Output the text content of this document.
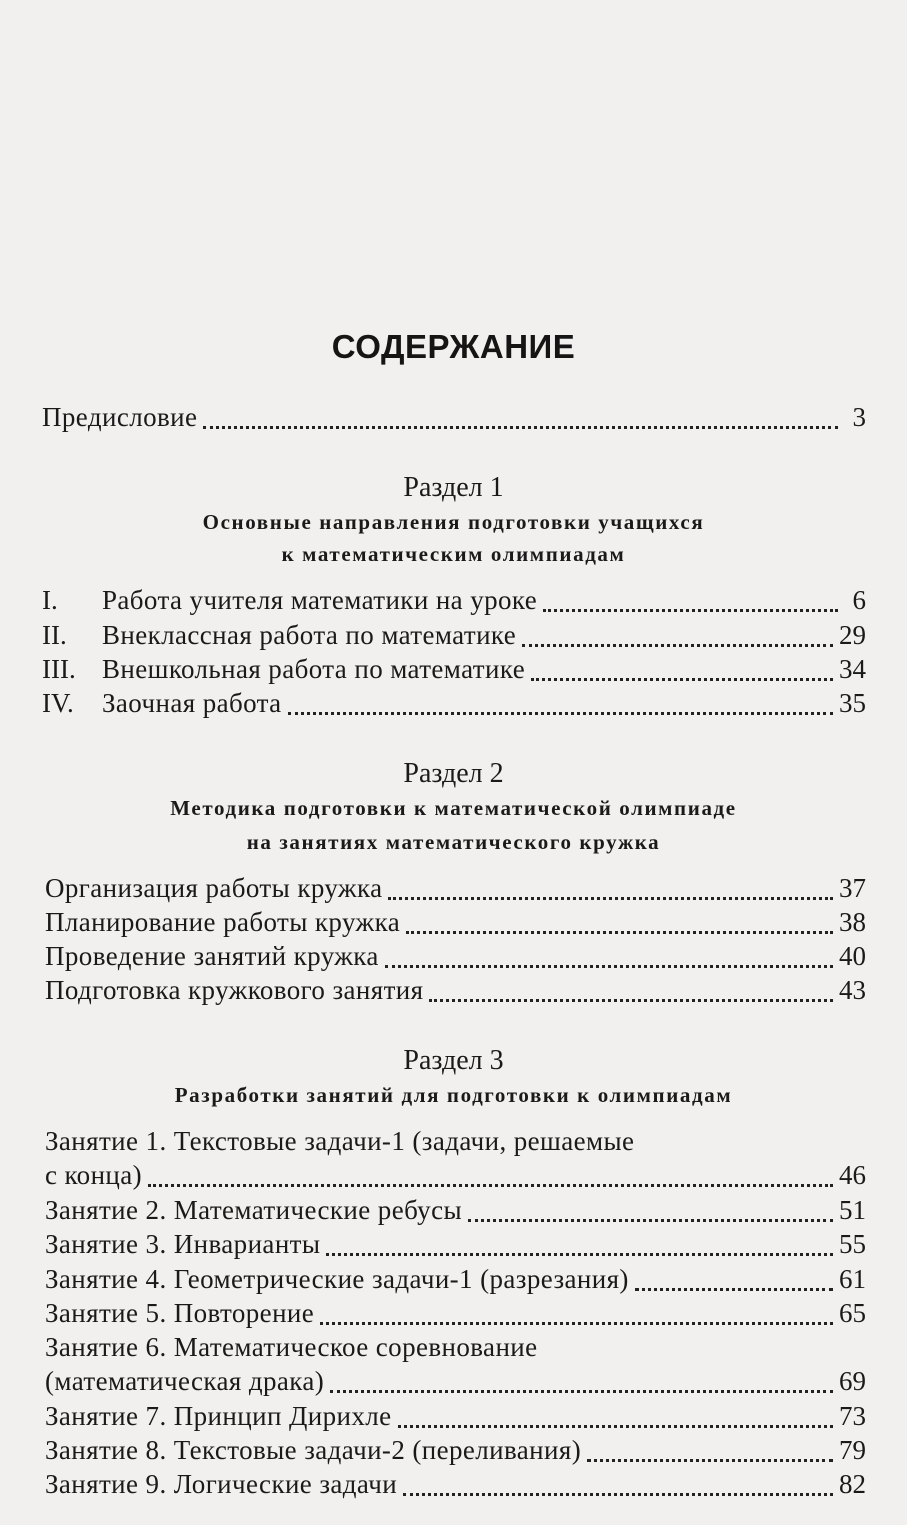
СОДЕРЖАНИЕ
Предисловие	3
Раздел 1
Основные направления подготовки учащихся
к математическим олимпиадам
I.	Работа учителя математики на уроке	6
II.	Внеклассная работа по математике	29
III. Внешкольная работа по математике	34
IV.	Заочная работа	35
Раздел 2
Методика подготовки к математической олимпиаде
на занятиях математического кружка
Организация работы кружка	37
Планирование работы кружка	38
Проведение занятий кружка	40
Подготовка кружкового занятия	43
Раздел 3
Разработки занятий для подготовки к олимпиадам
Занятие 1. Текстовые задачи-1 (задачи, решаемые
с конца)	46
Занятие 2. Математические ребусы	51
Занятие 3. Инварианты	55
Занятие 4. Геометрические задачи-1 (разрезания)	61
Занятие 5. Повторение	65
Занятие 6. Математическое соревнование
(математическая драка)	69
Занятие 7. Принцип Дирихле	73
Занятие 8. Текстовые задачи-2 (переливания)	79
Занятие 9. Логические задачи	82
